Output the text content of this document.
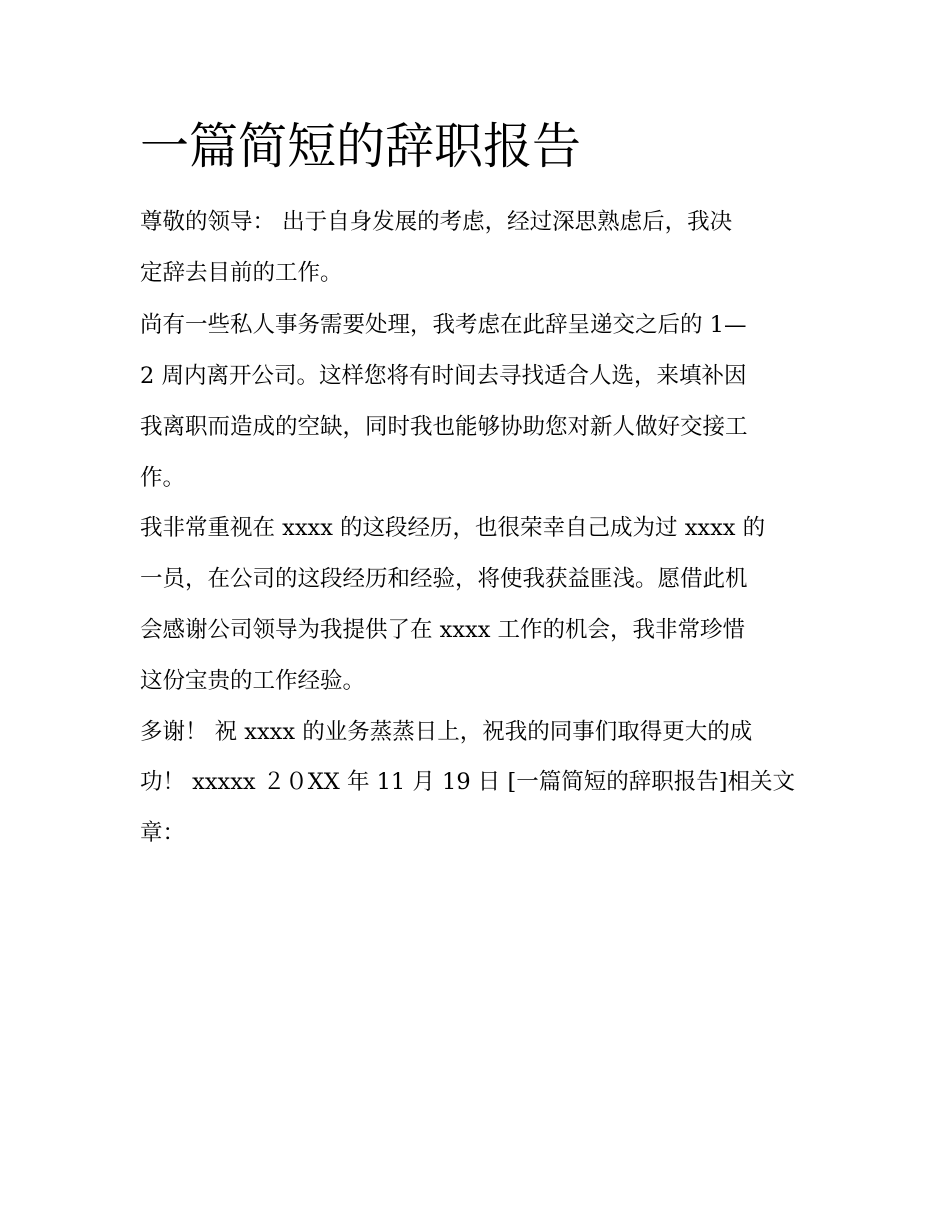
一篇简短的辞职报告

尊敬的领导： 出于自身发展的考虑，经过深思熟虑后，我决

定辞去目前的工作。

尚有一些私人事务需要处理，我考虑在此辞呈递交之后的 1—

2 周内离开公司。这样您将有时间去寻找适合人选，来填补因

我离职而造成的空缺，同时我也能够协助您对新人做好交接工

作。

我非常重视在 xxxx 的这段经历，也很荣幸自己成为过 xxxx 的

一员，在公司的这段经历和经验，将使我获益匪浅。愿借此机

会感谢公司领导为我提供了在 xxxx 工作的机会，我非常珍惜

这份宝贵的工作经验。

多谢！ 祝 xxxx 的业务蒸蒸日上，祝我的同事们取得更大的成

功！ xxxxx ２０XX 年 11 月 19 日 [一篇简短的辞职报告]相关文

章：
